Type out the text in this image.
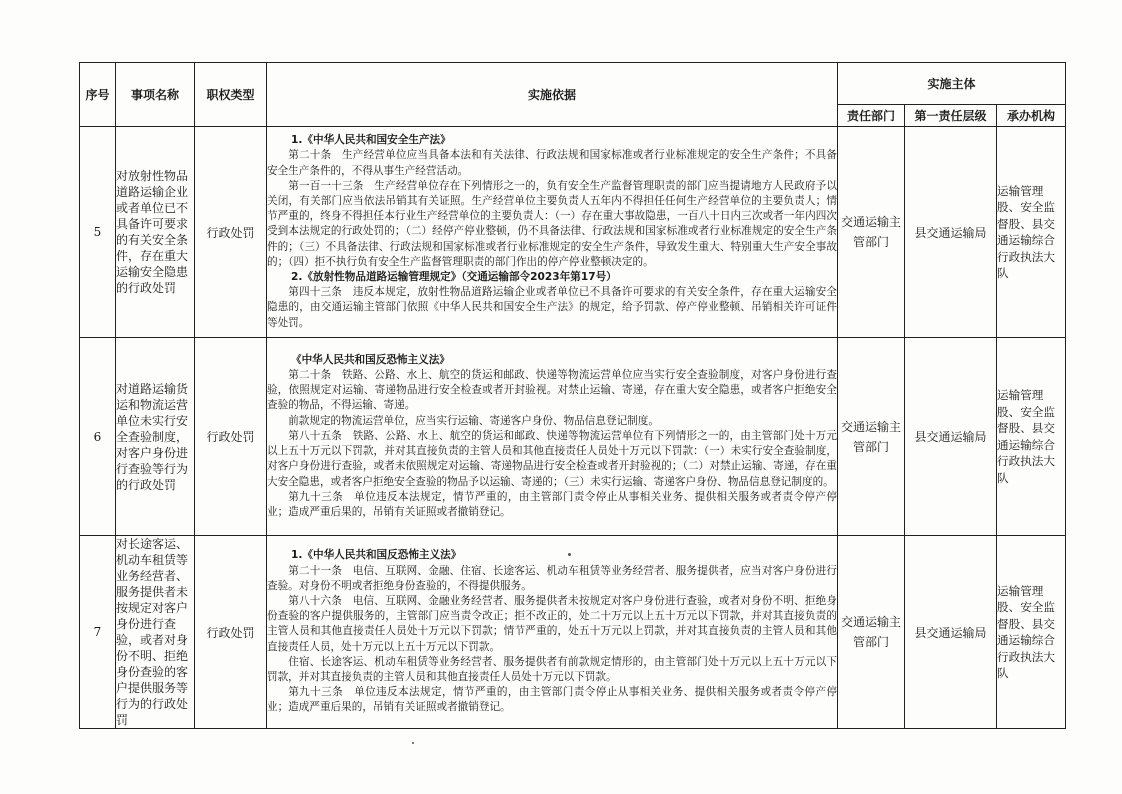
序号	事项名称	职权类型	实施依据	实施主体		
				责任部门	第一责任层级	承办机构
5	对放射性物品道路运输企业或者单位已不具备许可要求的有关安全条件，存在重大运输安全隐患的行政处罚	行政处罚	1.《中华人民共和国安全生产法》
第二十条　生产经营单位应当具备本法和有关法律、行政法规和国家标准或者行业标准规定的安全生产条件；不具备安全生产条件的，不得从事生产经营活动。
第一百一十三条　生产经营单位存在下列情形之一的，负有安全生产监督管理职责的部门应当提请地方人民政府予以关闭，有关部门应当依法吊销其有关证照。生产经营单位主要负责人五年内不得担任任何生产经营单位的主要负责人；情节严重的，终身不得担任本行业生产经营单位的主要负责人：（一）存在重大事故隐患，一百八十日内三次或者一年内四次受到本法规定的行政处罚的；（二）经停产停业整顿，仍不具备法律、行政法规和国家标准或者行业标准规定的安全生产条件的；（三）不具备法律、行政法规和国家标准或者行业标准规定的安全生产条件，导致发生重大、特别重大生产安全事故的；（四）拒不执行负有安全生产监督管理职责的部门作出的停产停业整顿决定的。
2.《放射性物品道路运输管理规定》（交通运输部令2023年第17号）
第四十三条　违反本规定，放射性物品道路运输企业或者单位已不具备许可要求的有关安全条件，存在重大运输安全隐患的，由交通运输主管部门依照《中华人民共和国安全生产法》的规定，给予罚款、停产停业整顿、吊销相关许可证件等处罚。	交通运输主管部门	县交通运输局	运输管理股、安全监督股、县交通运输综合行政执法大队
6	对道路运输货运和物流运营单位未实行安全查验制度，对客户身份进行查验等行为的行政处罚	行政处罚	《中华人民共和国反恐怖主义法》
第二十条　铁路、公路、水上、航空的货运和邮政、快递等物流运营单位应当实行安全查验制度，对客户身份进行查验，依照规定对运输、寄递物品进行安全检查或者开封验视。对禁止运输、寄递，存在重大安全隐患，或者客户拒绝安全查验的物品，不得运输、寄递。
前款规定的物流运营单位，应当实行运输、寄递客户身份、物品信息登记制度。
第八十五条　铁路、公路、水上、航空的货运和邮政、快递等物流运营单位有下列情形之一的，由主管部门处十万元以上五十万元以下罚款，并对其直接负责的主管人员和其他直接责任人员处十万元以下罚款：（一）未实行安全查验制度，对客户身份进行查验，或者未依照规定对运输、寄递物品进行安全检查或者开封验视的；（二）对禁止运输、寄递，存在重大安全隐患，或者客户拒绝安全查验的物品予以运输、寄递的；（三）未实行运输、寄递客户身份、物品信息登记制度的。
第九十三条　单位违反本法规定，情节严重的，由主管部门责令停止从事相关业务、提供相关服务或者责令停产停业；造成严重后果的，吊销有关证照或者撤销登记。	交通运输主管部门	县交通运输局	运输管理股、安全监督股、县交通运输综合行政执法大队
7	对长途客运、机动车租赁等业务经营者、服务提供者未按规定对客户身份进行查验，或者对身份不明、拒绝身份查验的客户提供服务等行为的行政处罚	行政处罚	1.《中华人民共和国反恐怖主义法》
第二十一条　电信、互联网、金融、住宿、长途客运、机动车租赁等业务经营者、服务提供者，应当对客户身份进行查验。对身份不明或者拒绝身份查验的，不得提供服务。
第八十六条　电信、互联网、金融业务经营者、服务提供者未按规定对客户身份进行查验，或者对身份不明、拒绝身份查验的客户提供服务的，主管部门应当责令改正；拒不改正的，处二十万元以上五十万元以下罚款，并对其直接负责的主管人员和其他直接责任人员处十万元以下罚款；情节严重的，处五十万元以上罚款，并对其直接负责的主管人员和其他直接责任人员，处十万元以上五十万元以下罚款。
住宿、长途客运、机动车租赁等业务经营者、服务提供者有前款规定情形的，由主管部门处十万元以上五十万元以下罚款，并对其直接负责的主管人员和其他直接责任人员处十万元以下罚款。
第九十三条　单位违反本法规定，情节严重的，由主管部门责令停止从事相关业务、提供相关服务或者责令停产停业；造成严重后果的，吊销有关证照或者撤销登记。	交通运输主管部门	县交通运输局	运输管理股、安全监督股、县交通运输综合行政执法大队
